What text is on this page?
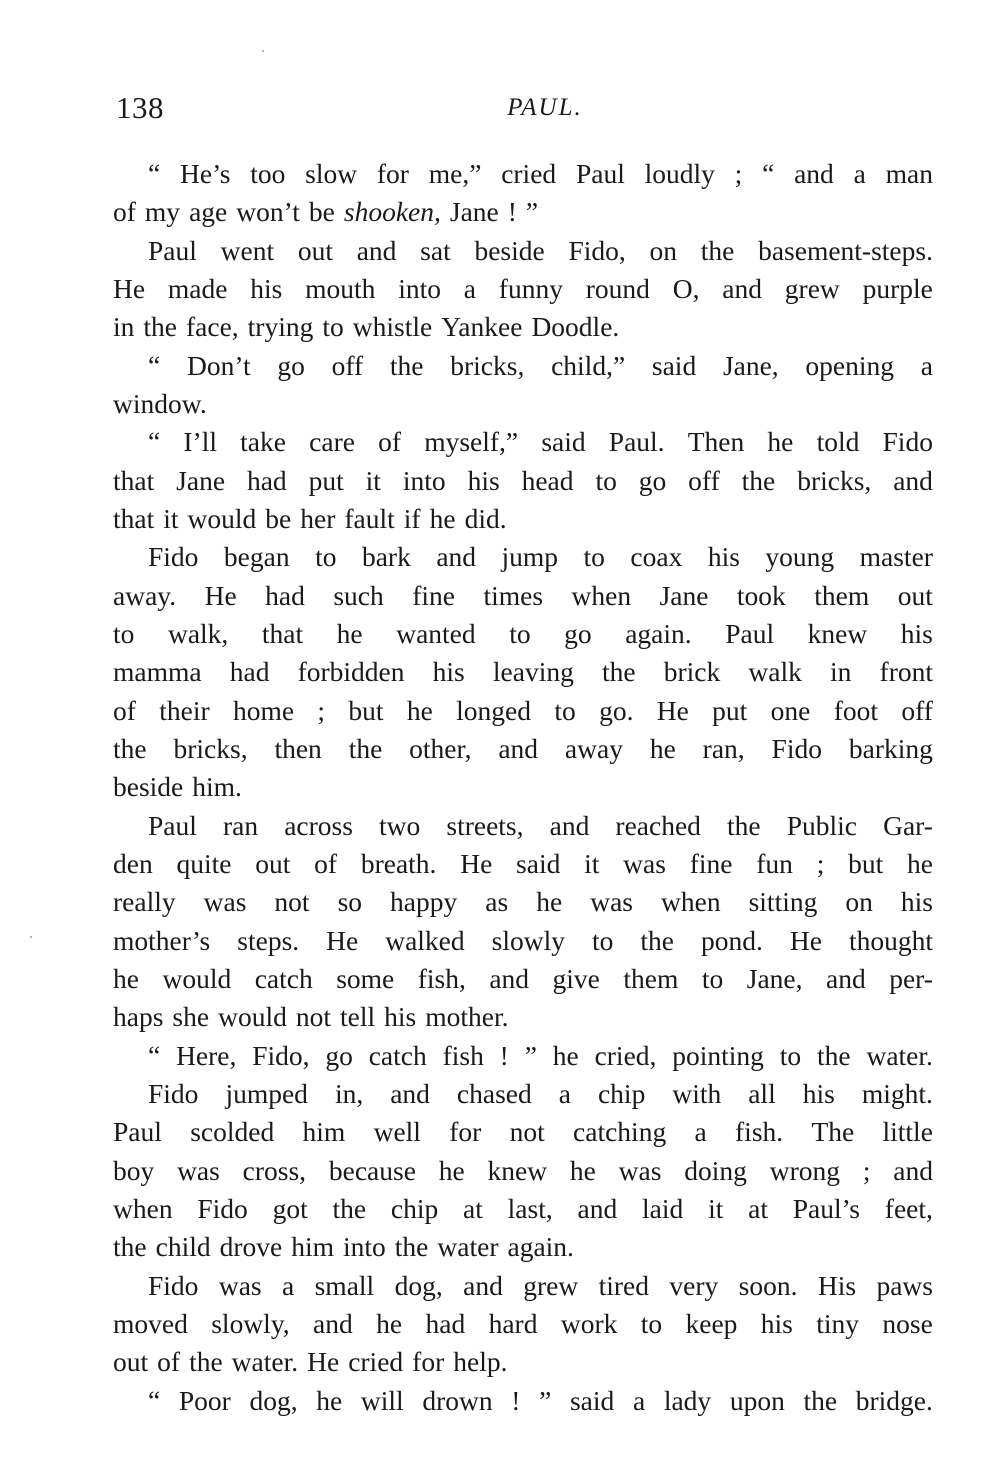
138	PAUL.
“ He’s too slow for me,” cried Paul loudly ; “ and a man
of my age won’t be shooken, Jane ! ”
Paul went out and sat beside Fido, on the basement-steps.
He made his mouth into a funny round O, and grew purple
in the face, trying to whistle Yankee Doodle.
“ Don’t go off the bricks, child,” said Jane, opening a
window.
“ I’ll take care of myself,” said Paul. Then he told Fido
that Jane had put it into his head to go off the bricks, and
that it would be her fault if he did.
Fido began to bark and jump to coax his young master
away. He had such fine times when Jane took them out
to walk, that he wanted to go again. Paul knew his
mamma had forbidden his leaving the brick walk in front
of their home ; but he longed to go. He put one foot off
the bricks, then the other, and away he ran, Fido barking
beside him.
Paul ran across two streets, and reached the Public Gar-
den quite out of breath. He said it was fine fun ; but he
really was not so happy as he was when sitting on his
mother’s steps. He walked slowly to the pond. He thought
he would catch some fish, and give them to Jane, and per-
haps she would not tell his mother.
“ Here, Fido, go catch fish ! ” he cried, pointing to the water.
Fido jumped in, and chased a chip with all his might.
Paul scolded him well for not catching a fish. The little
boy was cross, because he knew he was doing wrong ; and
when Fido got the chip at last, and laid it at Paul’s feet,
the child drove him into the water again.
Fido was a small dog, and grew tired very soon. His paws
moved slowly, and he had hard work to keep his tiny nose
out of the water. He cried for help.
“ Poor dog, he will drown ! ” said a lady upon the bridge.
